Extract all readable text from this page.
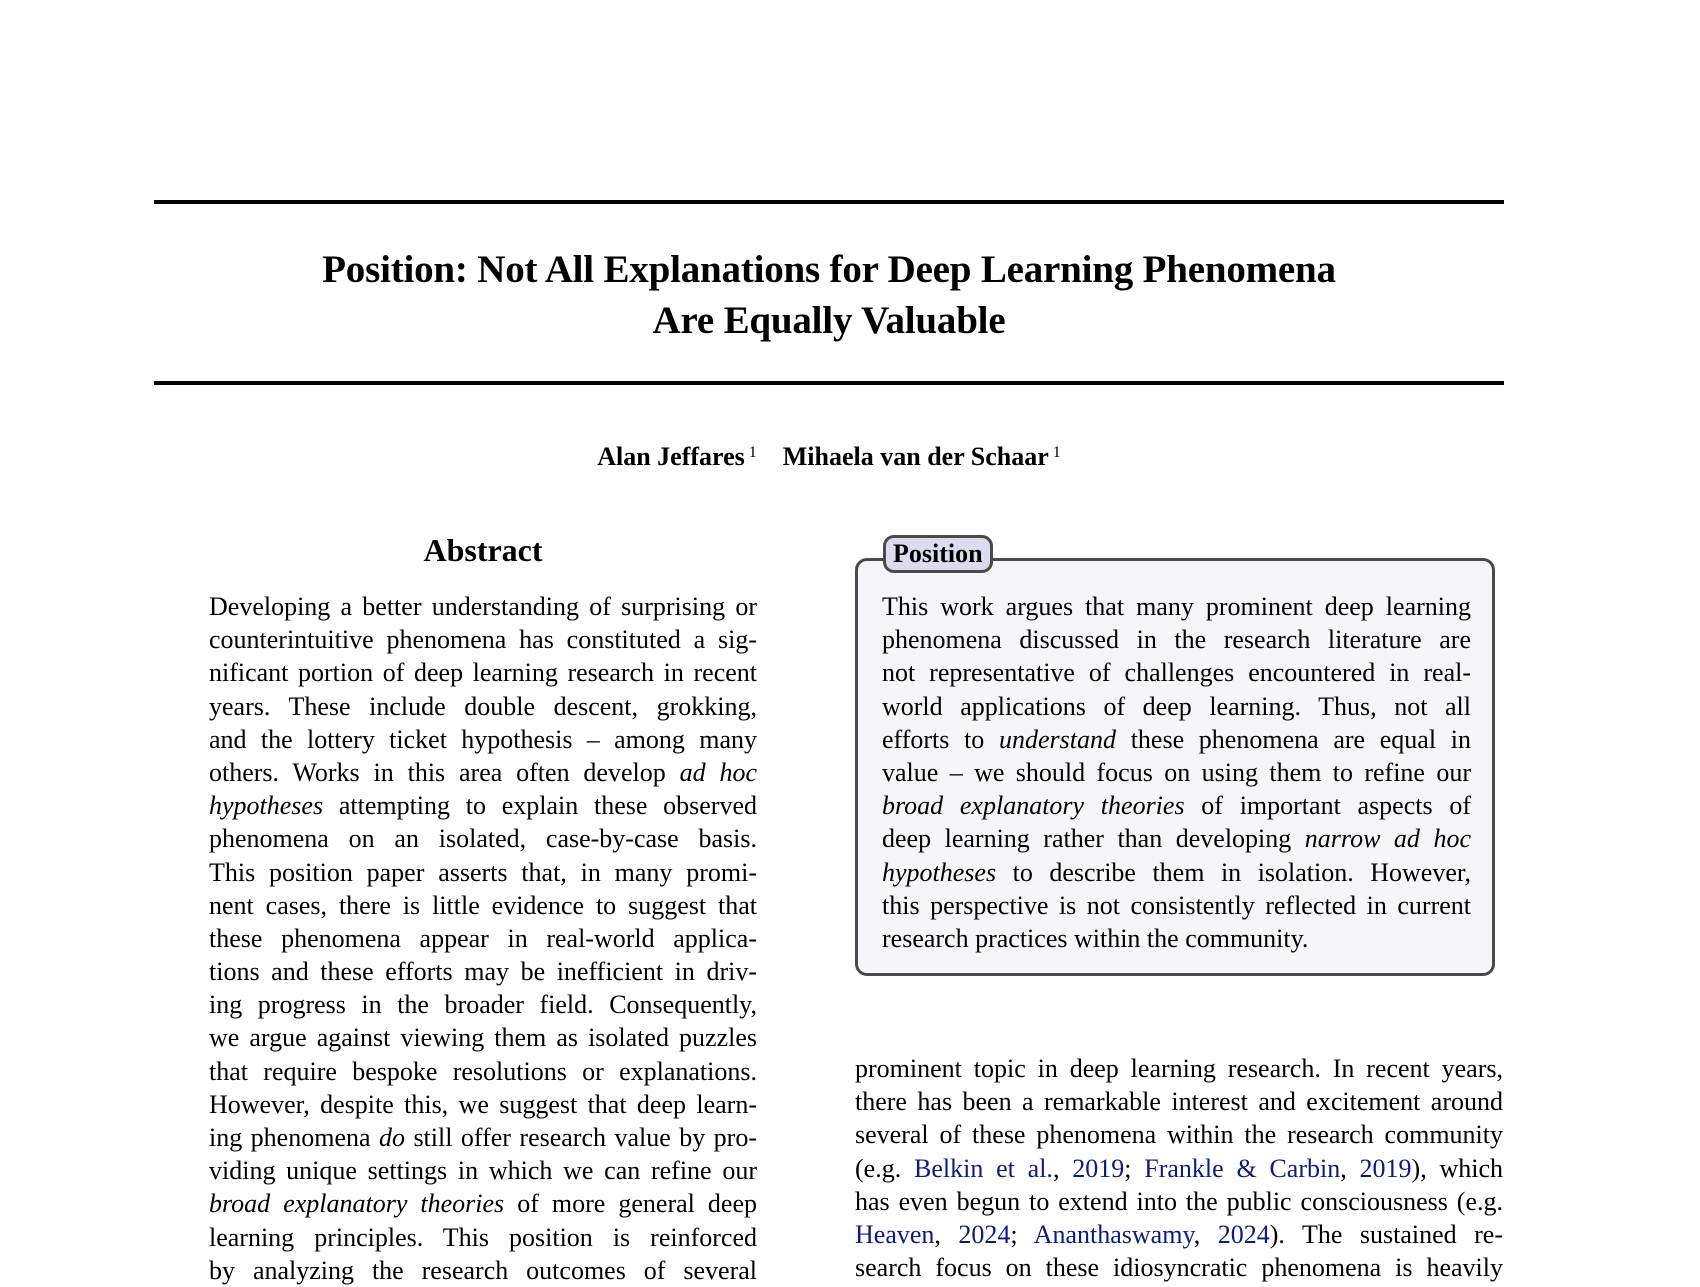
Position: Not All Explanations for Deep Learning Phenomena
Are Equally Valuable
Alan Jeffares $^1$ Mihaela van der Schaar $^1$
Abstract
Developing a better understanding of surprising or
counterintuitive phenomena has constituted a sig-
nificant portion of deep learning research in recent
years. These include double descent, grokking,
and the lottery ticket hypothesis – among many
others. Works in this area often develop ad hoc
hypotheses attempting to explain these observed
phenomena on an isolated, case-by-case basis.
This position paper asserts that, in many promi-
nent cases, there is little evidence to suggest that
these phenomena appear in real-world applica-
tions and these efforts may be inefficient in driv-
ing progress in the broader field. Consequently,
we argue against viewing them as isolated puzzles
that require bespoke resolutions or explanations.
However, despite this, we suggest that deep learn-
ing phenomena do still offer research value by pro-
viding unique settings in which we can refine our
broad explanatory theories of more general deep
learning principles. This position is reinforced
by analyzing the research outcomes of several
Position
This work argues that many prominent deep learning
phenomena discussed in the research literature are
not representative of challenges encountered in real-
world applications of deep learning. Thus, not all
efforts to understand these phenomena are equal in
value – we should focus on using them to refine our
broad explanatory theories of important aspects of
deep learning rather than developing narrow ad hoc
hypotheses to describe them in isolation. However,
this perspective is not consistently reflected in current
research practices within the community.
prominent topic in deep learning research. In recent years,
there has been a remarkable interest and excitement around
several of these phenomena within the research community
(e.g. Belkin et al., 2019; Frankle & Carbin, 2019), which
has even begun to extend into the public consciousness (e.g.
Heaven, 2024; Ananthaswamy, 2024). The sustained re-
search focus on these idiosyncratic phenomena is heavily
